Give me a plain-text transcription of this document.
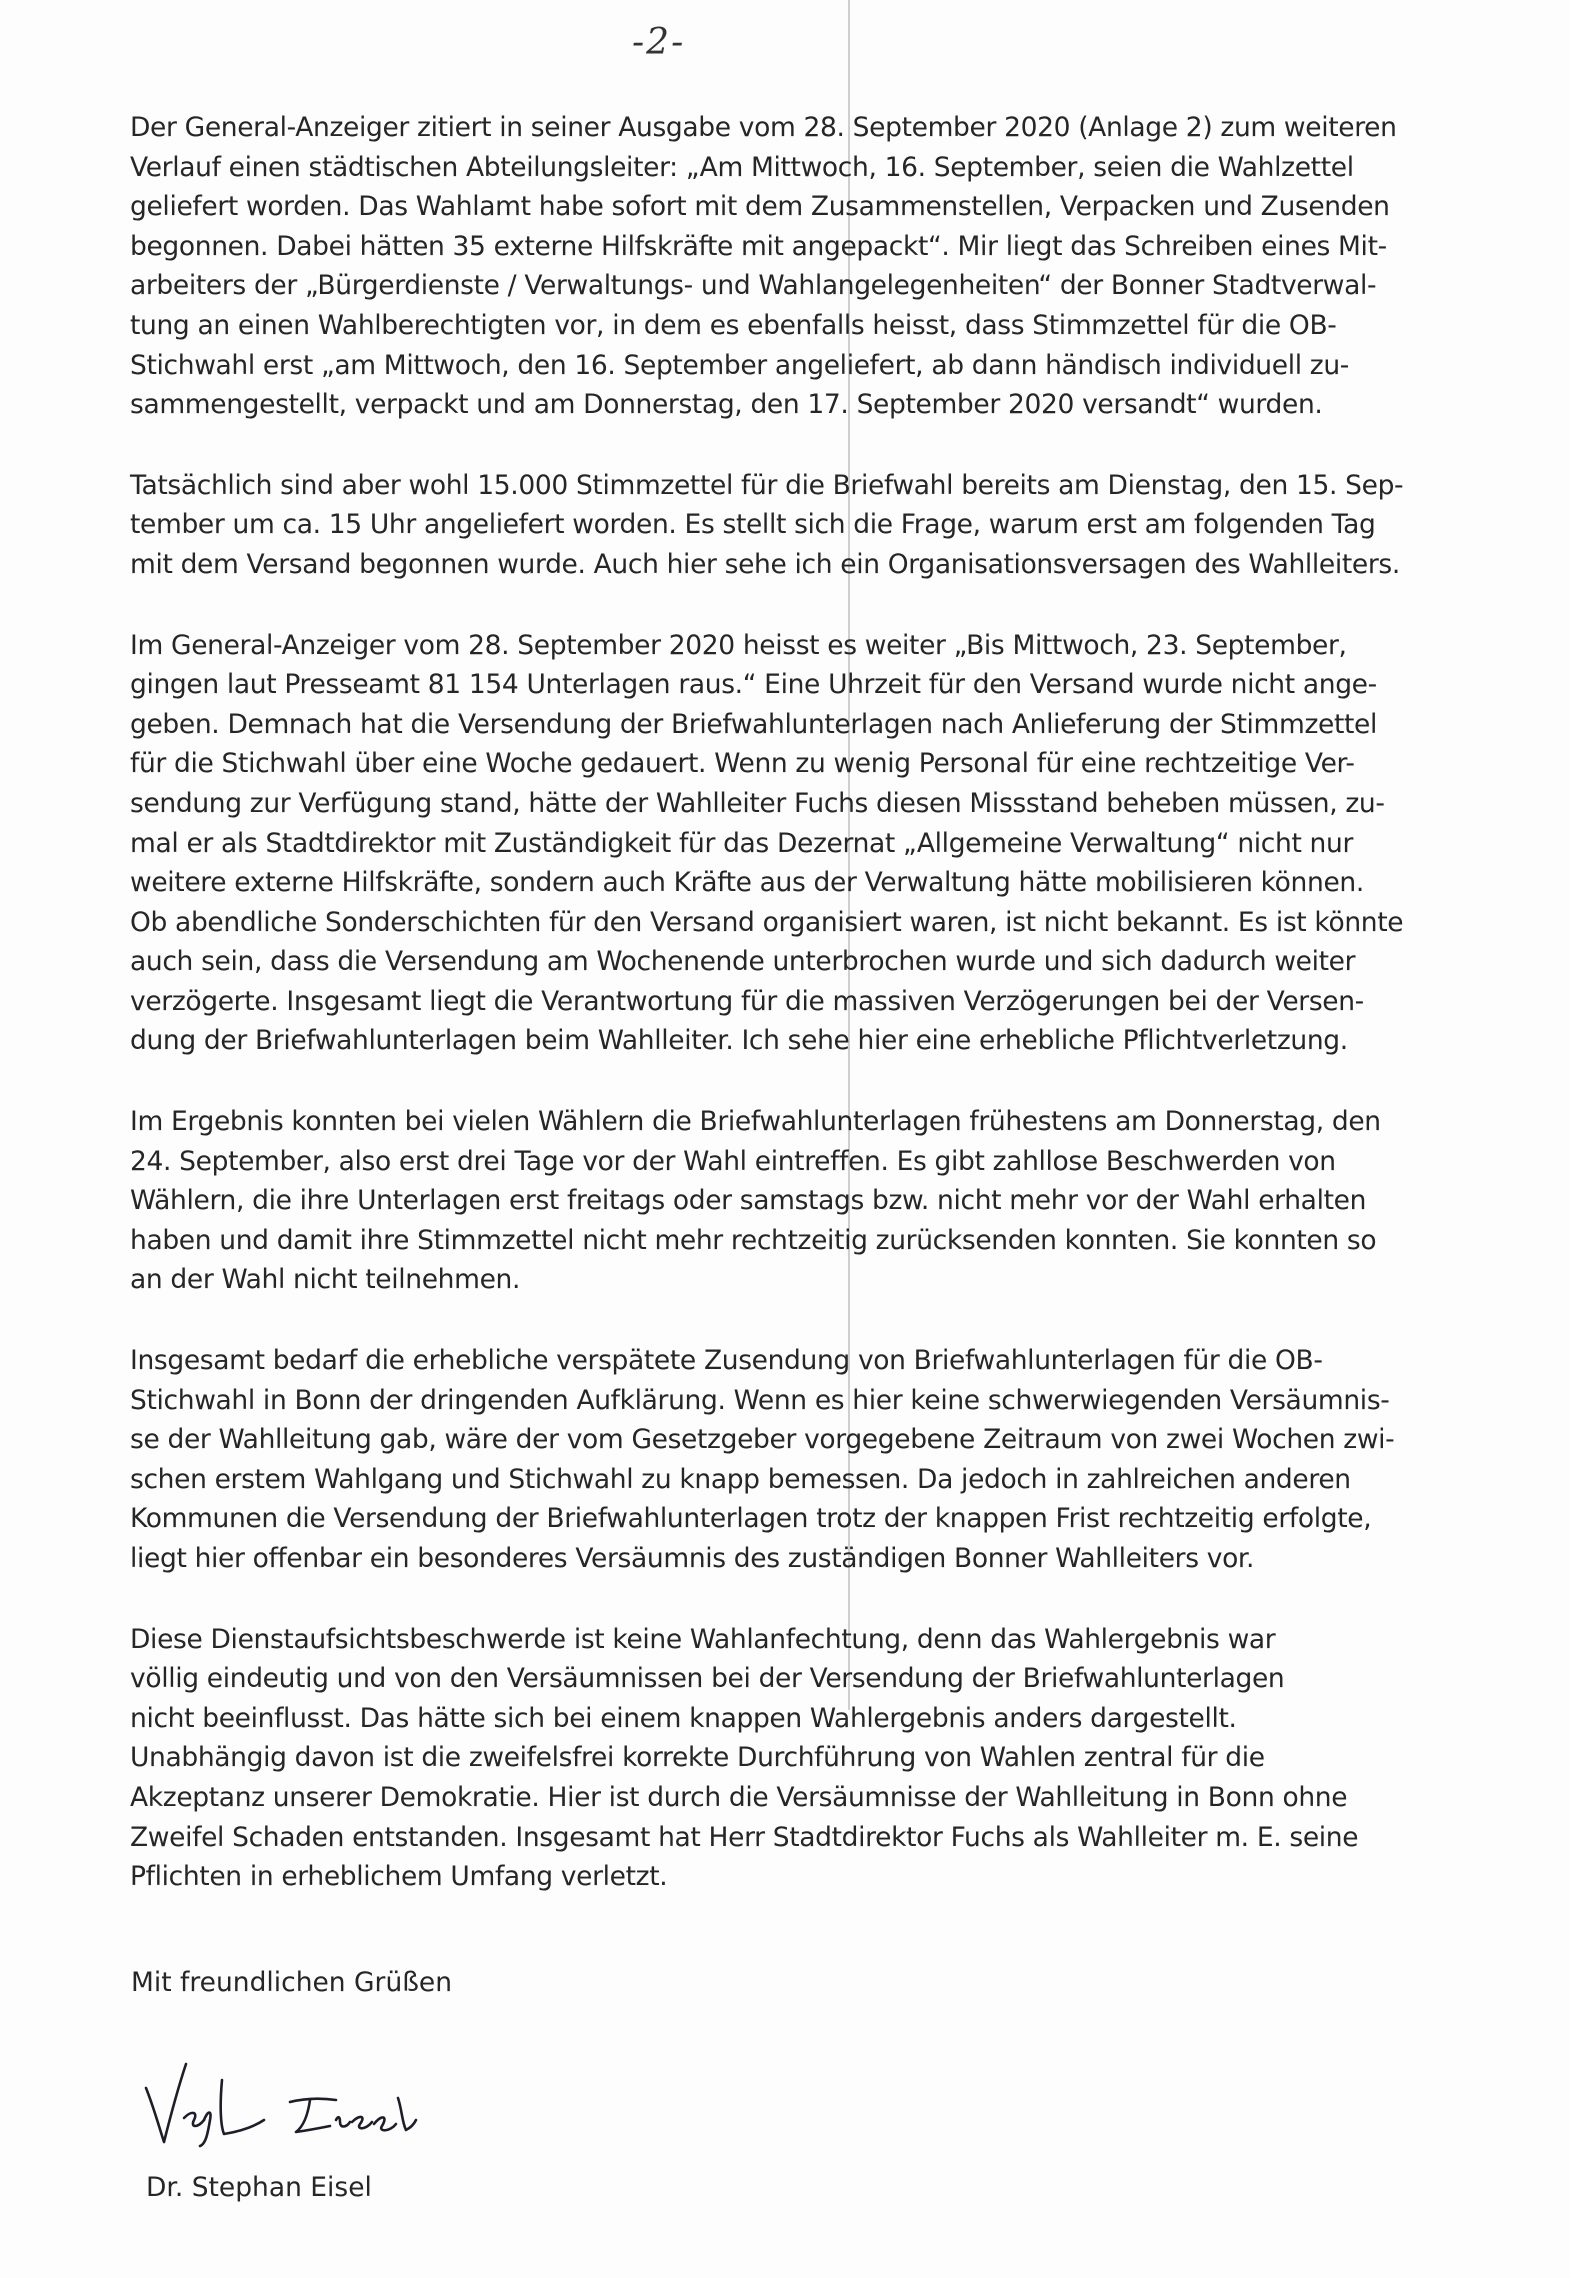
-2-
Der General-Anzeiger zitiert in seiner Ausgabe vom 28. September 2020 (Anlage 2) zum weiteren
Verlauf einen städtischen Abteilungsleiter: „Am Mittwoch, 16. September, seien die Wahlzettel
geliefert worden. Das Wahlamt habe sofort mit dem Zusammenstellen, Verpacken und Zusenden
begonnen. Dabei hätten 35 externe Hilfskräfte mit angepackt“. Mir liegt das Schreiben eines Mit-
arbeiters der „Bürgerdienste / Verwaltungs- und Wahlangelegenheiten“ der Bonner Stadtverwal-
tung an einen Wahlberechtigten vor, in dem es ebenfalls heisst, dass Stimmzettel für die OB-
Stichwahl erst „am Mittwoch, den 16. September angeliefert, ab dann händisch individuell zu-
sammengestellt, verpackt und am Donnerstag, den 17. September 2020 versandt“ wurden.
Tatsächlich sind aber wohl 15.000 Stimmzettel für die Briefwahl bereits am Dienstag, den 15. Sep-
tember um ca. 15 Uhr angeliefert worden. Es stellt sich die Frage, warum erst am folgenden Tag
mit dem Versand begonnen wurde. Auch hier sehe ich ein Organisationsversagen des Wahlleiters.
Im General-Anzeiger vom 28. September 2020 heisst es weiter „Bis Mittwoch, 23. September,
gingen laut Presseamt 81 154 Unterlagen raus.“ Eine Uhrzeit für den Versand wurde nicht ange-
geben. Demnach hat die Versendung der Briefwahlunterlagen nach Anlieferung der Stimmzettel
für die Stichwahl über eine Woche gedauert. Wenn zu wenig Personal für eine rechtzeitige Ver-
sendung zur Verfügung stand, hätte der Wahlleiter Fuchs diesen Missstand beheben müssen, zu-
mal er als Stadtdirektor mit Zuständigkeit für das Dezernat „Allgemeine Verwaltung“ nicht nur
weitere externe Hilfskräfte, sondern auch Kräfte aus der Verwaltung hätte mobilisieren können.
Ob abendliche Sonderschichten für den Versand organisiert waren, ist nicht bekannt. Es ist könnte
auch sein, dass die Versendung am Wochenende unterbrochen wurde und sich dadurch weiter
verzögerte. Insgesamt liegt die Verantwortung für die massiven Verzögerungen bei der Versen-
dung der Briefwahlunterlagen beim Wahlleiter. Ich sehe hier eine erhebliche Pflichtverletzung.
Im Ergebnis konnten bei vielen Wählern die Briefwahlunterlagen frühestens am Donnerstag, den
24. September, also erst drei Tage vor der Wahl eintreffen. Es gibt zahllose Beschwerden von
Wählern, die ihre Unterlagen erst freitags oder samstags bzw. nicht mehr vor der Wahl erhalten
haben und damit ihre Stimmzettel nicht mehr rechtzeitig zurücksenden konnten. Sie konnten so
an der Wahl nicht teilnehmen.
Insgesamt bedarf die erhebliche verspätete Zusendung von Briefwahlunterlagen für die OB-
Stichwahl in Bonn der dringenden Aufklärung. Wenn es hier keine schwerwiegenden Versäumnis-
se der Wahlleitung gab, wäre der vom Gesetzgeber vorgegebene Zeitraum von zwei Wochen zwi-
schen erstem Wahlgang und Stichwahl zu knapp bemessen. Da jedoch in zahlreichen anderen
Kommunen die Versendung der Briefwahlunterlagen trotz der knappen Frist rechtzeitig erfolgte,
liegt hier offenbar ein besonderes Versäumnis des zuständigen Bonner Wahlleiters vor.
Diese Dienstaufsichtsbeschwerde ist keine Wahlanfechtung, denn das Wahlergebnis war
völlig eindeutig und von den Versäumnissen bei der Versendung der Briefwahlunterlagen
nicht beeinflusst. Das hätte sich bei einem knappen Wahlergebnis anders dargestellt.
Unabhängig davon ist die zweifelsfrei korrekte Durchführung von Wahlen zentral für die
Akzeptanz unserer Demokratie. Hier ist durch die Versäumnisse der Wahlleitung in Bonn ohne
Zweifel Schaden entstanden. Insgesamt hat Herr Stadtdirektor Fuchs als Wahlleiter m. E. seine
Pflichten in erheblichem Umfang verletzt.
Mit freundlichen Grüßen
Dr. Stephan Eisel
